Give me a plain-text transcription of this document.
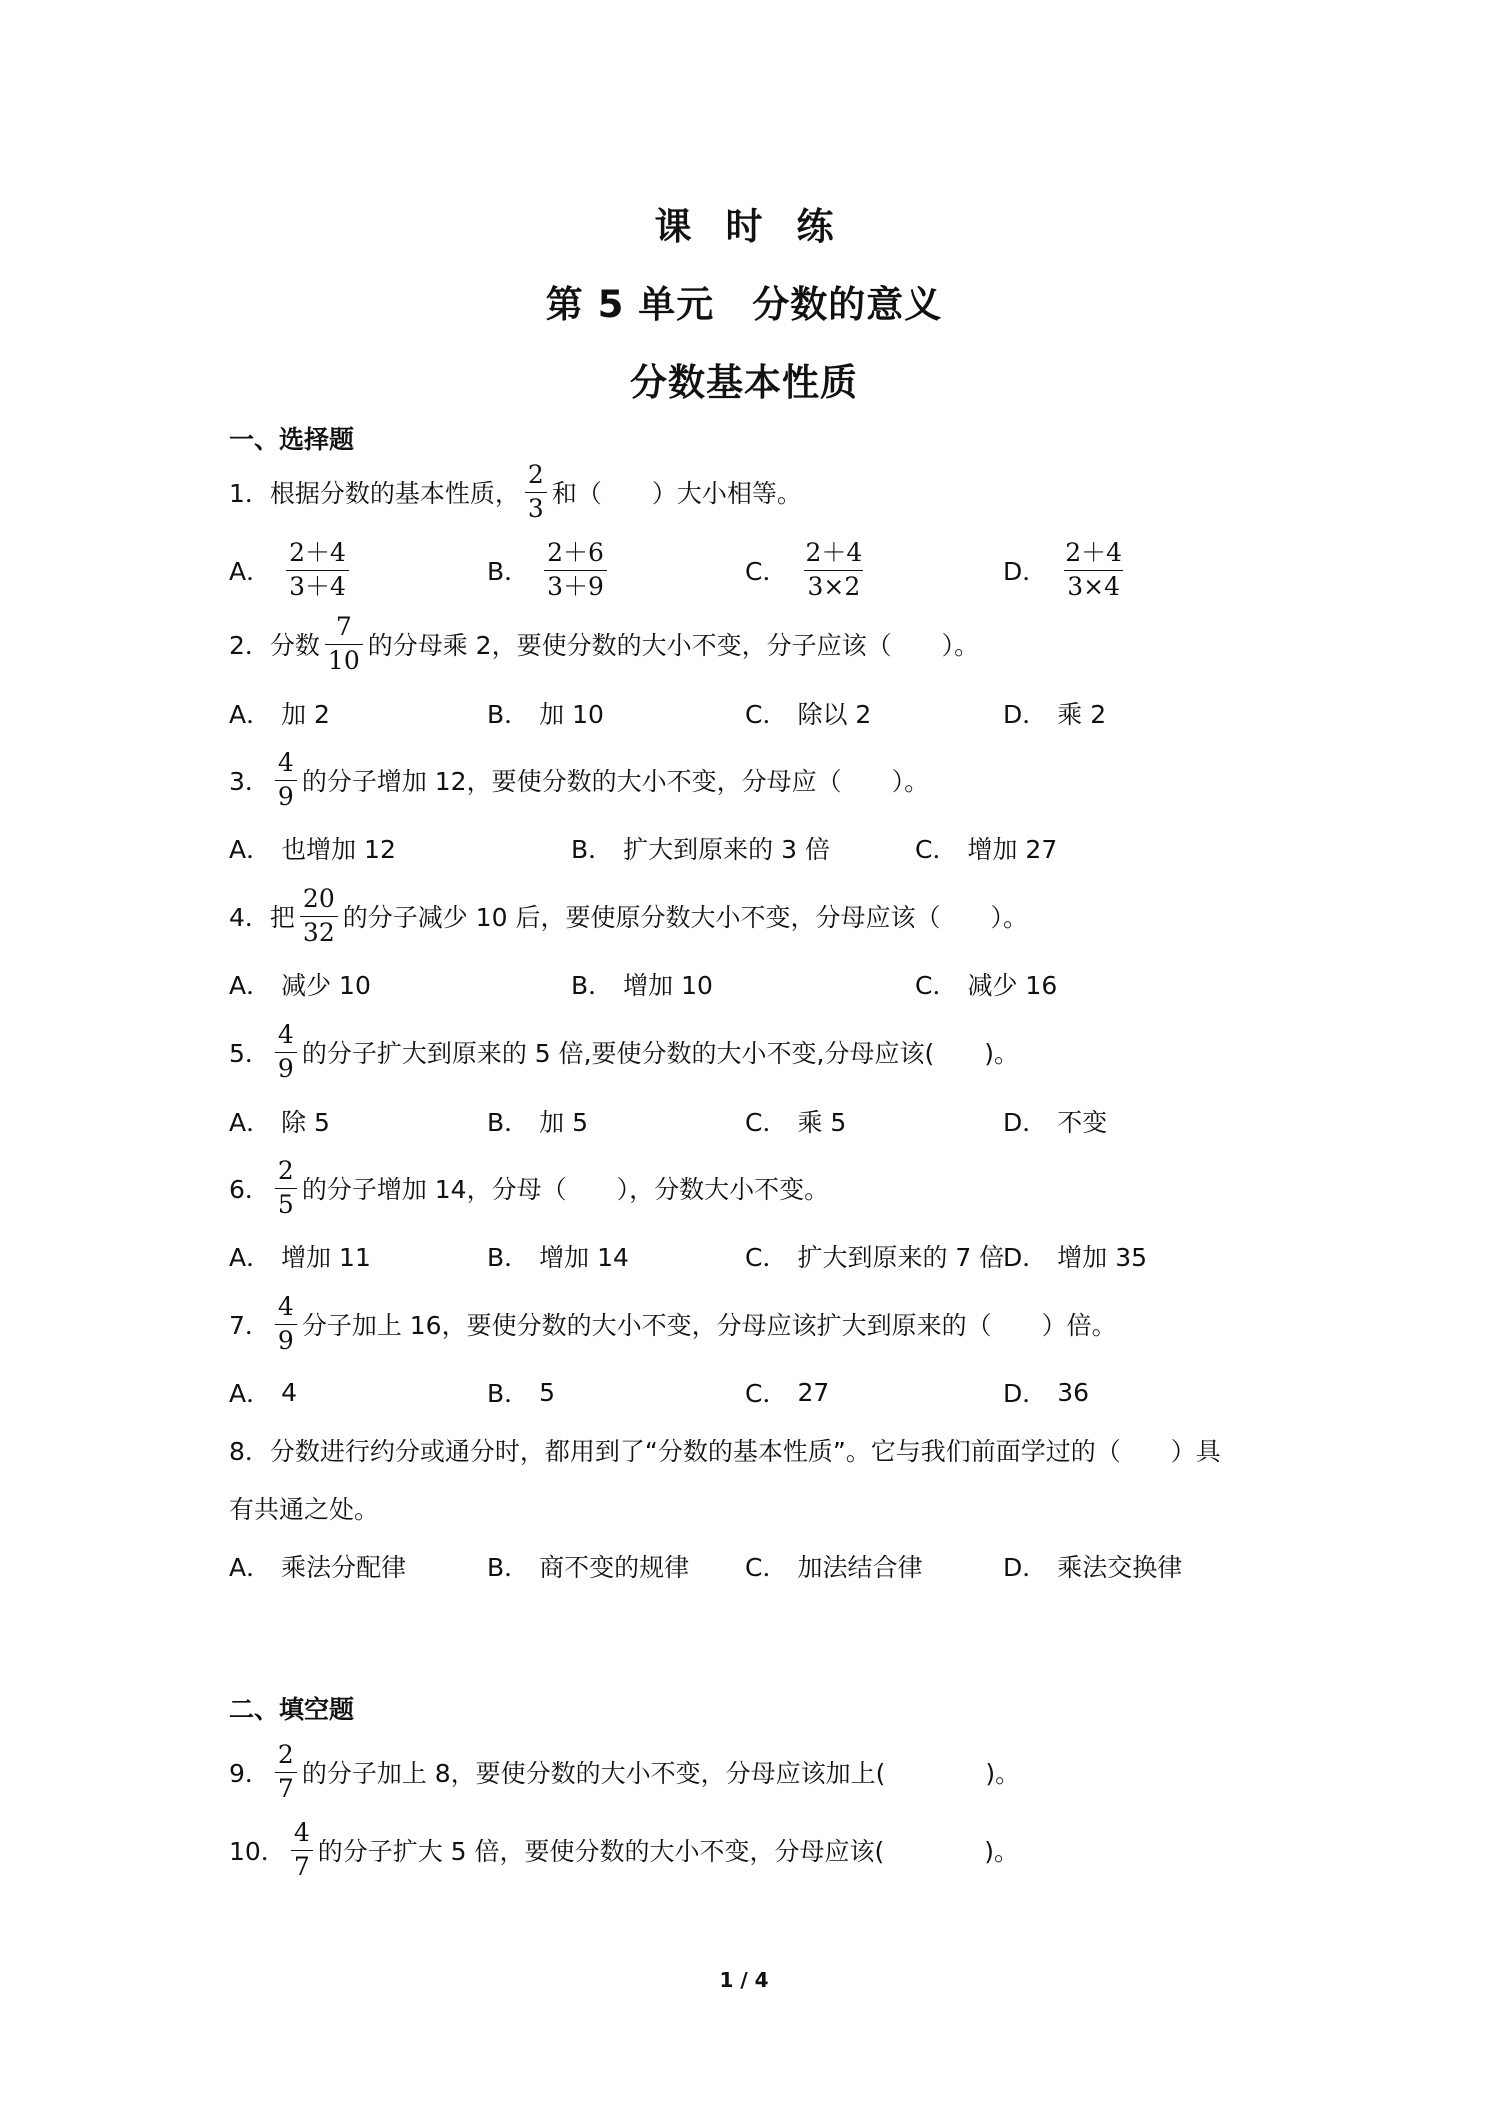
课时练
第 5 单元　分数的意义
分数基本性质
一、选择题
1． 根据分数的基本性质， $\frac{2}{3}$ 和（　　）大小相等。
A． $\frac{2+4}{3+4}$	B． $\frac{2+6}{3+9}$	C． $\frac{2+4}{3\times 2}$	D． $\frac{2+4}{3\times 4}$
2． 分数 $\frac{7}{10}$ 的分母乘 2，要使分数的大小不变，分子应该（　　）。
A． 加 2	B． 加 10	C． 除以 2	D． 乘 2
3． $\frac{4}{9}$ 的分子增加 12，要使分数的大小不变，分母应（　　）。
A． 也增加 12	B． 扩大到原来的 3 倍	C． 增加 27
4． 把 $\frac{20}{32}$ 的分子减少 10 后，要使原分数大小不变，分母应该（　　）。
A． 减少 10	B． 增加 10	C． 减少 16
5． $\frac{4}{9}$ 的分子扩大到原来的 5 倍,要使分数的大小不变,分母应该(　　)。
A． 除 5	B． 加 5	C． 乘 5	D． 不变
6． $\frac{2}{5}$ 的分子增加 14，分母（　　），分数大小不变。
A． 增加 11	B． 增加 14	C． 扩大到原来的 7 倍
D． 增加 35
7． $\frac{4}{9}$ 分子加上 16，要使分数的大小不变，分母应该扩大到原来的（　　）倍。
A． 4	B． 5	C． 27	D． 36
8．分数进行约分或通分时，都用到了“分数的基本性质”。它与我们前面学过的（　　）具
有共通之处。
A． 乘法分配律	B． 商不变的规律 C． 加法结合律	D． 乘法交换律
二、填空题
9． $\frac{2}{7}$ 的分子加上 8，要使分数的大小不变，分母应该加上(　　　　)。
10． $\frac{4}{7}$ 的分子扩大 5 倍，要使分数的大小不变，分母应该(　　　　)。
1 / 4
